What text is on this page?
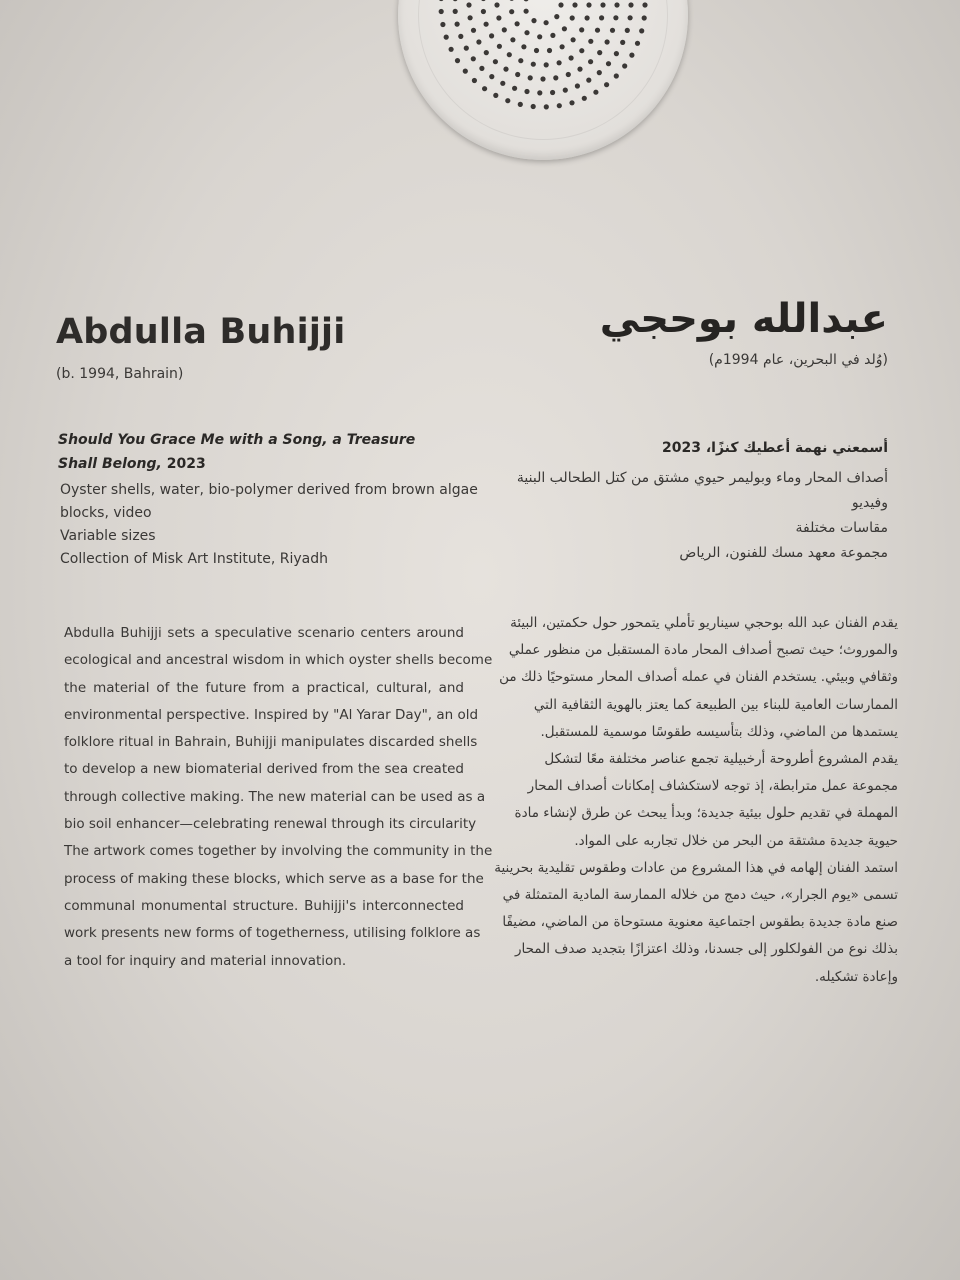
Abdulla Buhijji
(b. 1994, Bahrain)
Should You Grace Me with a Song, a Treasure Shall Belong, 2023
Oyster shells, water, bio-polymer derived from brown algae
blocks, video
Variable sizes
Collection of Misk Art Institute, Riyadh
Abdulla Buhijji sets a speculative scenario centers around
ecological and ancestral wisdom in which oyster shells become
the material of the future from a practical, cultural, and
environmental perspective. Inspired by "Al Yarar Day", an old
folklore ritual in Bahrain, Buhijji manipulates discarded shells
to develop a new biomaterial derived from the sea created
through collective making. The new material can be used as a
bio soil enhancer—celebrating renewal through its circularity
The artwork comes together by involving the community in the
process of making these blocks, which serve as a base for the
communal monumental structure. Buhijji's interconnected
work presents new forms of togetherness, utilising folklore as
a tool for inquiry and material innovation.
عبدالله بوحجي
(وُلد في البحرين، عام 1994م)
أسمعني نهمة أعطيك كنزًا، 2023
أصداف المحار وماء وبوليمر حيوي مشتق من كتل الطحالب البنية
وفيديو
مقاسات مختلفة
مجموعة معهد مسك للفنون، الرياض
يقدم الفنان عبد الله بوحجي سيناريو تأملي يتمحور حول حكمتين، البيئة
والموروث؛ حيث تصبح أصداف المحار مادة المستقبل من منظور عملي
وثقافي وبيئي. يستخدم الفنان في عمله أصداف المحار مستوحيًا ذلك من
الممارسات العامية للبناء بين الطبيعة كما يعتز بالهوية الثقافية التي
يستمدها من الماضي، وذلك بتأسيسه طقوسًا موسمية للمستقبل.
يقدم المشروع أطروحة أرخبيلية تجمع عناصر مختلفة معًا لتشكل
مجموعة عمل مترابطة، إذ توجه لاستكشاف إمكانات أصداف المحار
المهملة في تقديم حلول بيئية جديدة؛ وبدأ يبحث عن طرق لإنشاء مادة
حيوية جديدة مشتقة من البحر من خلال تجاربه على المواد.
استمد الفنان إلهامه في هذا المشروع من عادات وطقوس تقليدية بحرينية
تسمى «يوم الجرار»، حيث دمج من خلاله الممارسة المادية المتمثلة في
صنع مادة جديدة بطقوس اجتماعية معنوية مستوحاة من الماضي، مضيفًا
بذلك نوع من الفولكلور إلى جسدنا، وذلك اعتزازًا بتجديد صدف المحار
وإعادة تشكيله.
